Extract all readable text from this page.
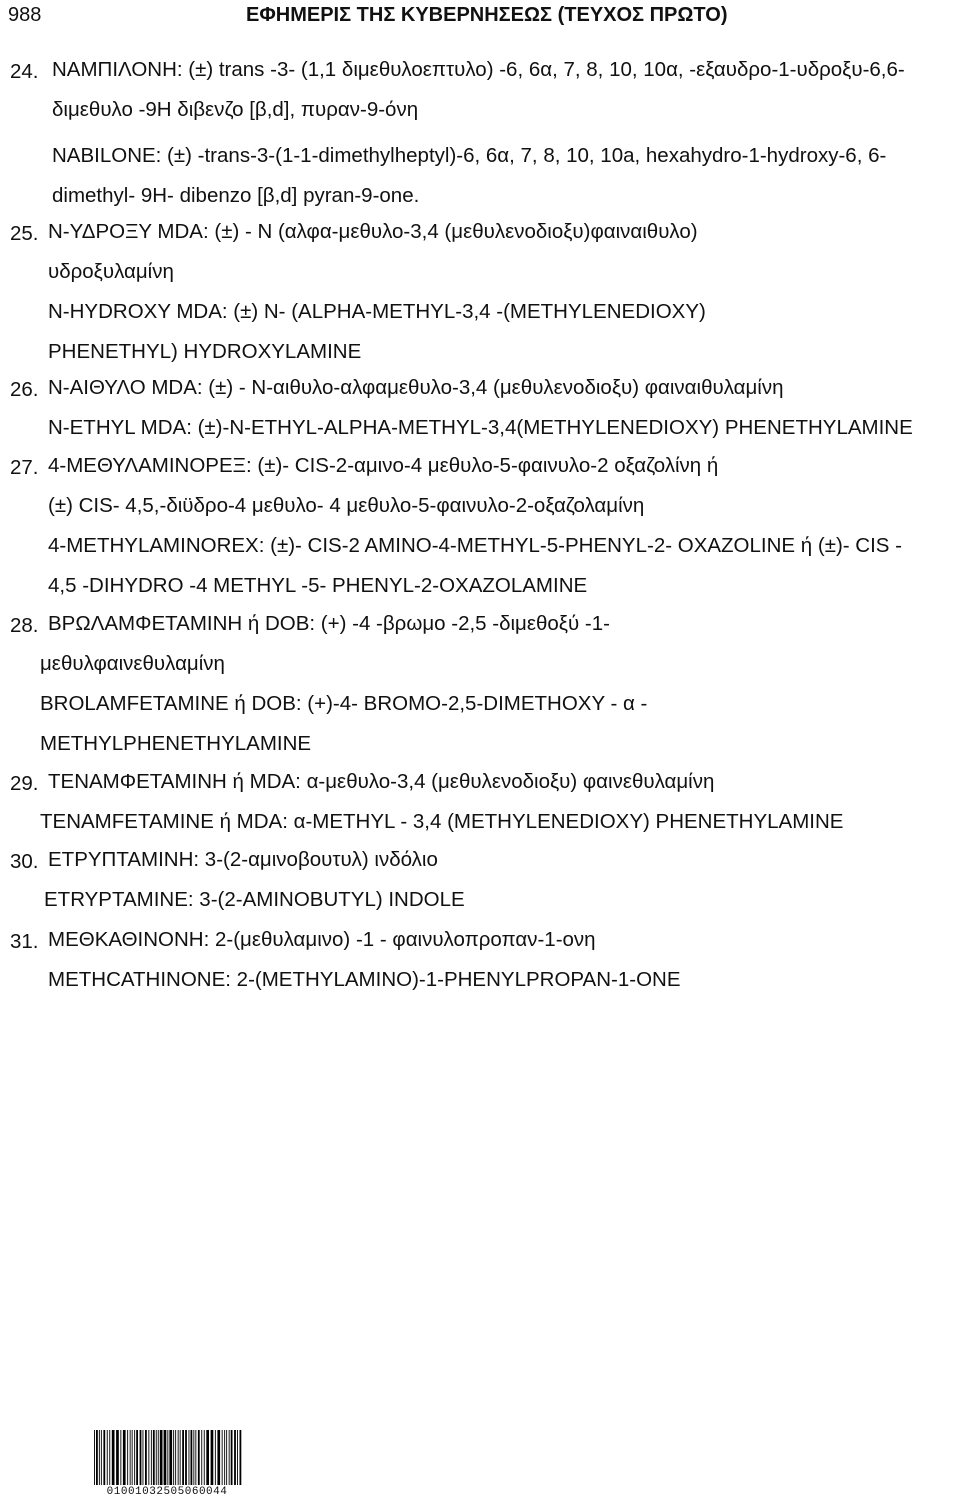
988	ΕΦΗΜΕΡΙΣ ΤΗΣ ΚΥΒΕΡΝΗΣΕΩΣ (ΤΕΥΧΟΣ ΠΡΩΤΟ)
24. ΝΑΜΠΙΛΟΝΗ: (±) trans -3- (1,1 διμεθυλοεπτυλο) -6, 6α, 7, 8, 10, 10α, -εξαυδρο-1-υδροξυ-6,6-
διμεθυλο -9H διβενζο [β,d], πυραν-9-όνη
NABILONE: (±) -trans-3-(1-1-dimethylheptyl)-6, 6α, 7, 8, 10, 10a, hexahydro-1-hydroxy-6, 6-
dimethyl- 9H- dibenzo [β,d] pyran-9-one.
25. Ν-ΥΔΡΟΞΥ MDA: (±) - Ν (αλφα-μεθυλο-3,4 (μεθυλενοδιοξυ)φαιναιθυλο)
υδροξυλαμίνη
N-HYDROXY MDA: (±) N- (ALPHA-METHYL-3,4 -(METHYLENEDIOXY)
PHENETHYL) HYDROXYLAMINE
26. Ν-ΑΙΘΥΛΟ MDA: (±) - Ν-αιθυλο-αλφαμεθυλο-3,4 (μεθυλενοδιοξυ) φαιναιθυλαμίνη
N-ETHYL MDA: (±)-N-ETHYL-ALPHA-METHYL-3,4(METHYLENEDIOXY) PHENETHYLAMINE
27. 4-ΜΕΘΥΛΑΜΙΝΟΡΕΞ: (±)- CIS-2-αμινο-4 μεθυλο-5-φαινυλο-2 οξαζολίνη ή
(±) CIS- 4,5,-διϋδρο-4 μεθυλο- 4 μεθυλο-5-φαινυλο-2-οξαζολαμίνη
4-METHYLAMINOREX: (±)- CIS-2 AMINO-4-METHYL-5-PHENYL-2- OXAZOLINE ή (±)- CIS -
4,5 -DIHYDRO -4 METHYL -5- PHENYL-2-OXAZOLAMINE
28. ΒΡΩΛΑΜΦΕΤΑΜΙΝΗ ή DOB: (+) -4 -βρωμο -2,5 -διμεθοξύ -1-
μεθυλφαινεθυλαμίνη
BROLAMFETAMINE ή DOB: (+)-4- BROMO-2,5-DIMETHOXY - α -
METHYLPHENETHYLAMINE
29. ΤΕΝΑΜΦΕΤΑΜΙΝΗ ή MDA: α-μεθυλο-3,4 (μεθυλενοδιοξυ) φαινεθυλαμίνη
TENAMFETAMINE ή MDA: α-METHYL - 3,4 (METHYLENEDIOXY) PHENETHYLAMINE
30. ΕΤΡΥΠΤΑΜΙΝΗ: 3-(2-αμινοβουτυλ) ινδόλιο
ETRYPTAMINE: 3-(2-AMINOBUTYL) INDOLE
31. ΜΕΘΚΑΘΙΝΟΝΗ: 2-(μεθυλαμινο) -1 - φαινυλοπροπαν-1-ονη
METHCATHINONE: 2-(METHYLAMINO)-1-PHENYLPROPAN-1-ONE
01001032505060044
